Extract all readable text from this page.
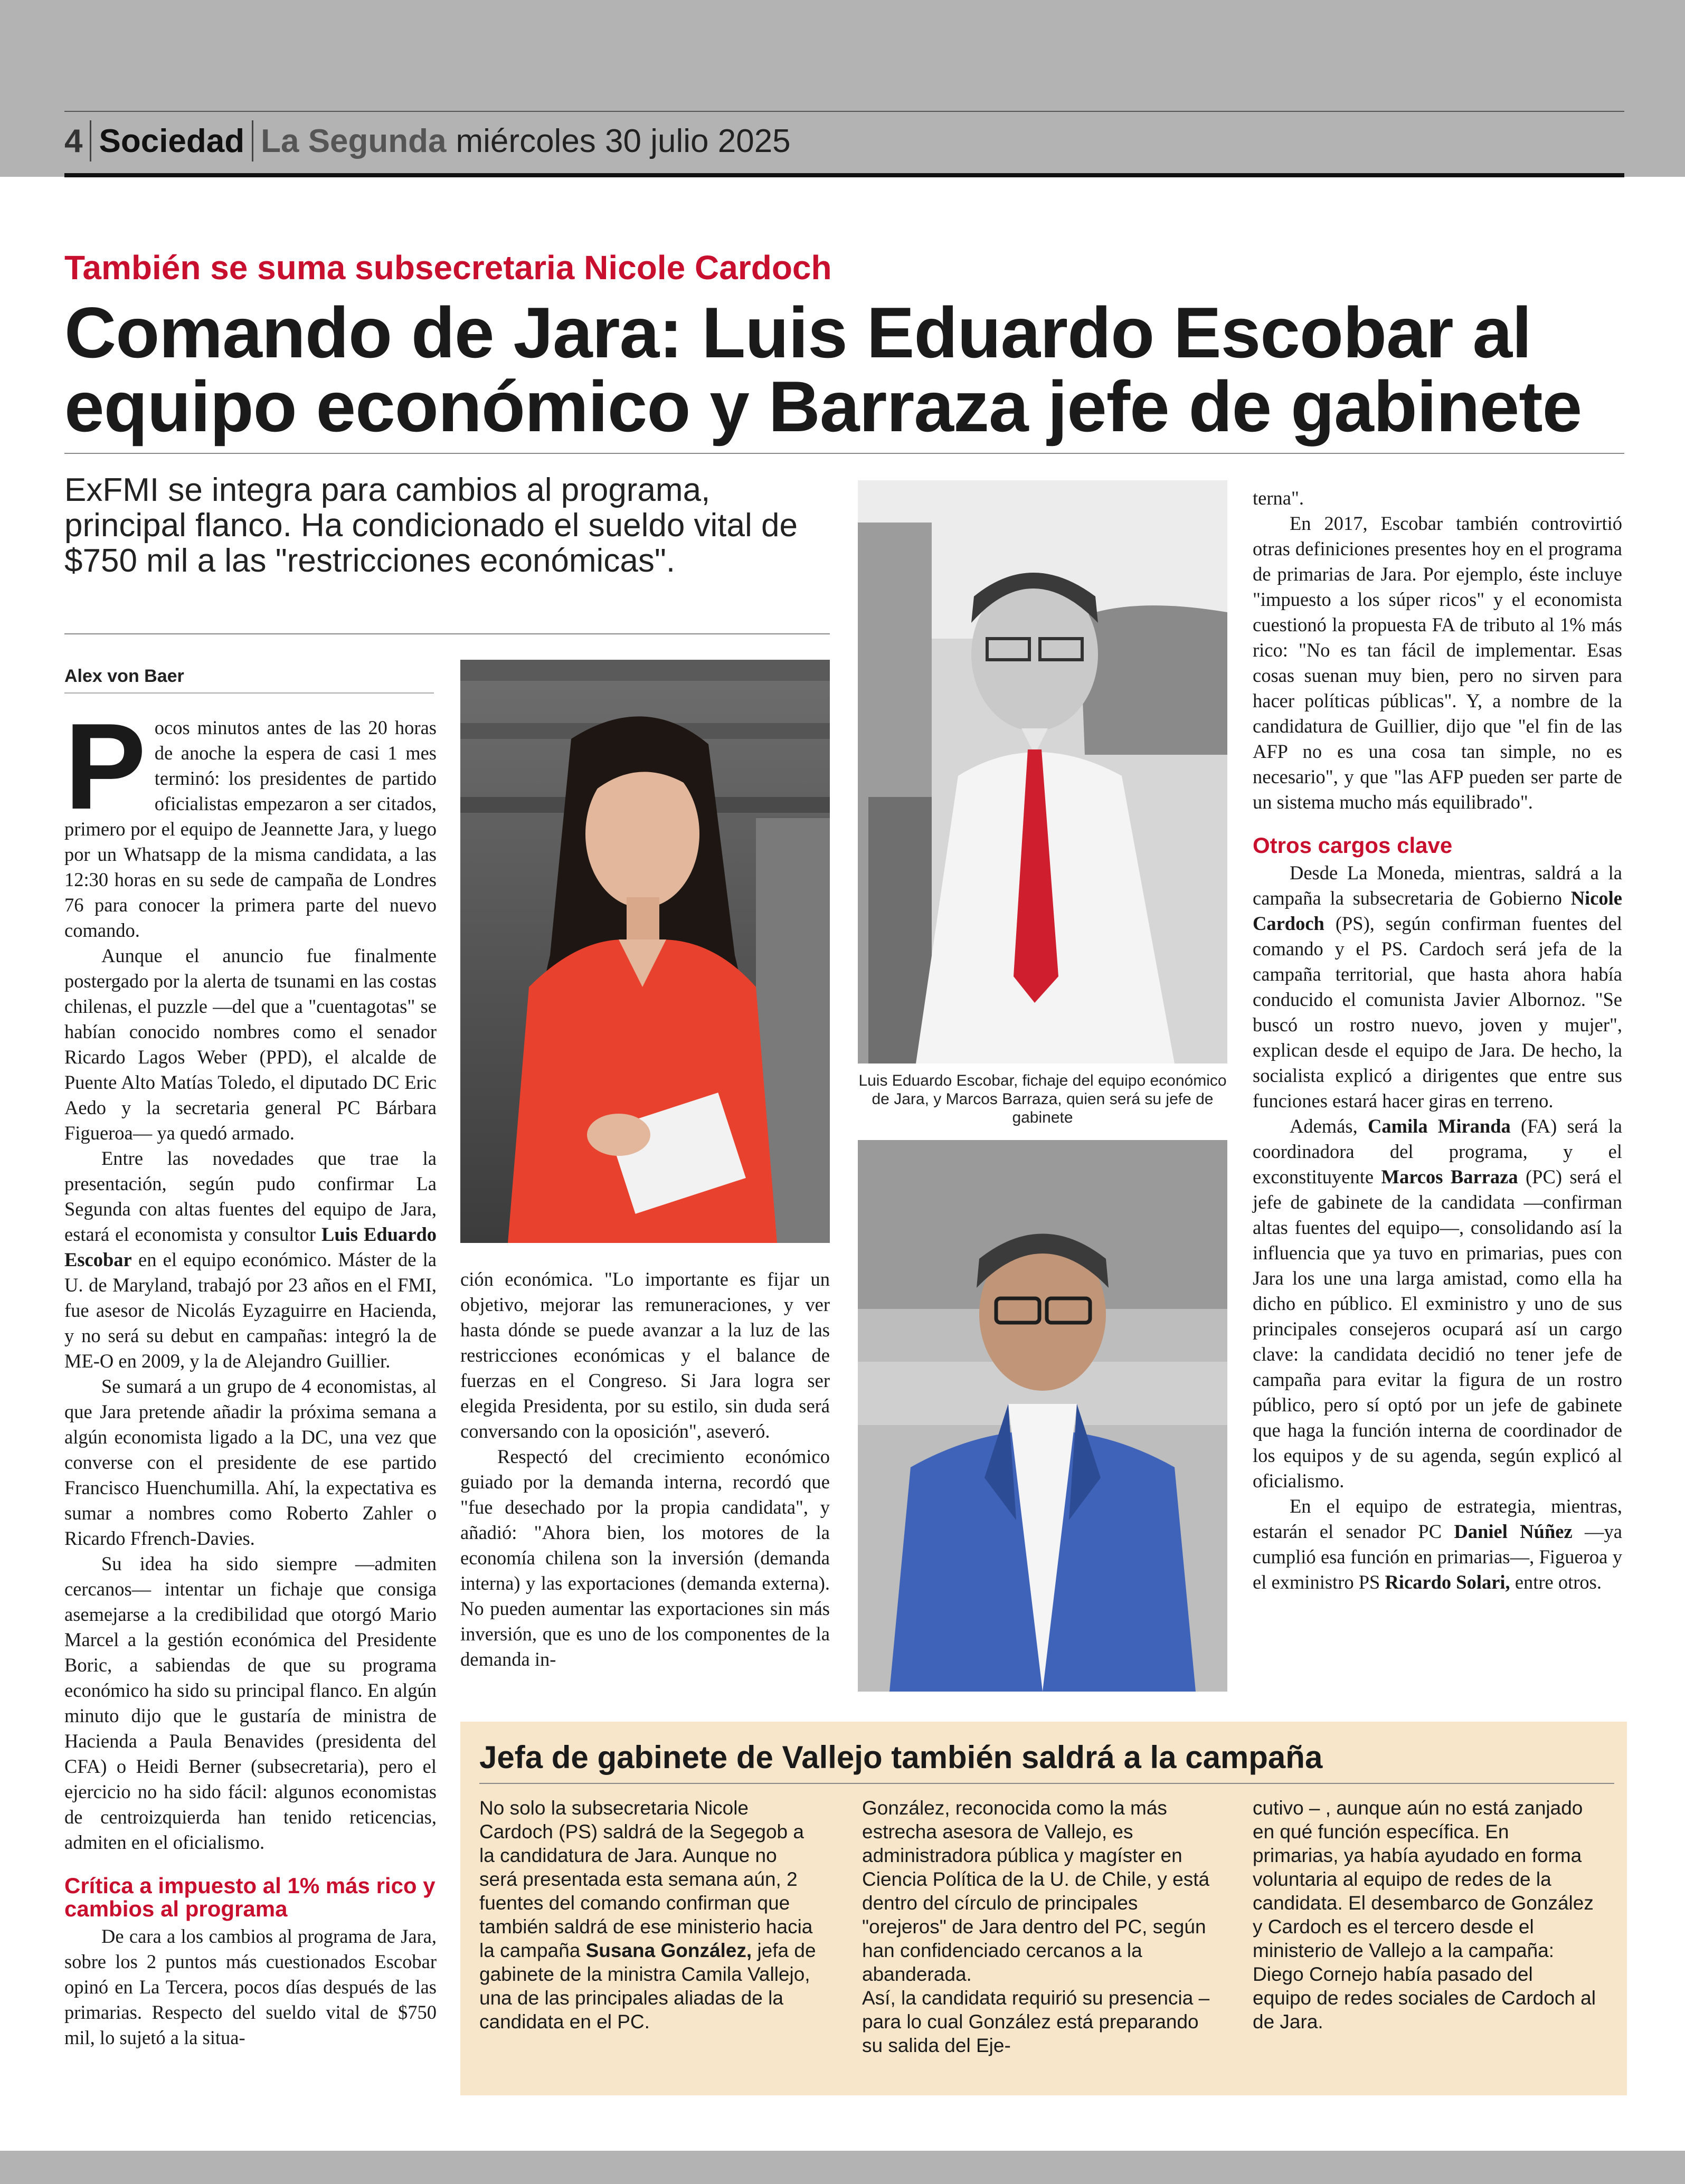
4 Sociedad La Segunda miércoles 30 julio 2025
También se suma subsecretaria Nicole Cardoch
Comando de Jara: Luis Eduardo Escobar al equipo económico y Barraza jefe de gabinete
ExFMI se integra para cambios al programa, principal flanco. Ha condicionado el sueldo vital de $750 mil a las "restricciones económicas".
Alex von Baer

Pocos minutos antes de las 20 horas de anoche la espera de casi 1 mes terminó: los presidentes de partido oficialistas empezaron a ser citados, primero por el equipo de Jeannette Jara, y luego por un Whatsapp de la misma candidata, a las 12:30 horas en su sede de campaña de Londres 76 para conocer la primera parte del nuevo comando.

Aunque el anuncio fue finalmente postergado por la alerta de tsunami en las costas chilenas, el puzzle —del que a "cuentagotas" se habían conocido nombres como el senador Ricardo Lagos Weber (PPD), el alcalde de Puente Alto Matías Toledo, el diputado DC Eric Aedo y la secretaria general PC Bárbara Figueroa— ya quedó armado.

Entre las novedades que trae la presentación, según pudo confirmar La Segunda con altas fuentes del equipo de Jara, estará el economista y consultor Luis Eduardo Escobar en el equipo económico. Máster de la U. de Maryland, trabajó por 23 años en el FMI, fue asesor de Nicolás Eyzaguirre en Hacienda, y no será su debut en campañas: integró la de ME-O en 2009, y la de Alejandro Guillier.

Se sumará a un grupo de 4 economistas, al que Jara pretende añadir la próxima semana a algún economista ligado a la DC, una vez que converse con el presidente de ese partido Francisco Huenchumilla. Ahí, la expectativa es sumar a nombres como Roberto Zahler o Ricardo Ffrench-Davies.

Su idea ha sido siempre —admiten cercanos— intentar un fichaje que consiga asemejarse a la credibilidad que otorgó Mario Marcel a la gestión económica del Presidente Boric, a sabiendas de que su programa económico ha sido su principal flanco. En algún minuto dijo que le gustaría de ministra de Hacienda a Paula Benavides (presidenta del CFA) o Heidi Berner (subsecretaria), pero el ejercicio no ha sido fácil: algunos economistas de centroizquierda han tenido reticencias, admiten en el oficialismo.

Crítica a impuesto al 1% más rico y cambios al programa

De cara a los cambios al programa de Jara, sobre los 2 puntos más cuestionados Escobar opinó en La Tercera, pocos días después de las primarias. Respecto del sueldo vital de $750 mil, lo sujetó a la situa-

ción económica. "Lo importante es fijar un objetivo, mejorar las remuneraciones, y ver hasta dónde se puede avanzar a la luz de las restricciones económicas y el balance de fuerzas en el Congreso. Si Jara logra ser elegida Presidenta, por su estilo, sin duda será conversando con la oposición", aseveró.

Respectó del crecimiento económico guiado por la demanda interna, recordó que "fue desechado por la propia candidata", y añadió: "Ahora bien, los motores de la economía chilena son la inversión (demanda interna) y las exportaciones (demanda externa). No pueden aumentar las exportaciones sin más inversión, que es uno de los componentes de la demanda in-

Luis Eduardo Escobar, fichaje del equipo económico de Jara, y Marcos Barraza, quien será su jefe de gabinete

terna".

En 2017, Escobar también controvirtió otras definiciones presentes hoy en el programa de primarias de Jara. Por ejemplo, éste incluye "impuesto a los súper ricos" y el economista cuestionó la propuesta FA de tributo al 1% más rico: "No es tan fácil de implementar. Esas cosas suenan muy bien, pero no sirven para hacer políticas públicas". Y, a nombre de la candidatura de Guillier, dijo que "el fin de las AFP no es una cosa tan simple, no es necesario", y que "las AFP pueden ser parte de un sistema mucho más equilibrado".

Otros cargos clave

Desde La Moneda, mientras, saldrá a la campaña la subsecretaria de Gobierno Nicole Cardoch (PS), según confirman fuentes del comando y el PS. Cardoch será jefa de la campaña territorial, que hasta ahora había conducido el comunista Javier Albornoz. "Se buscó un rostro nuevo, joven y mujer", explican desde el equipo de Jara. De hecho, la socialista explicó a dirigentes que entre sus funciones estará hacer giras en terreno.

Además, Camila Miranda (FA) será la coordinadora del programa, y el exconstituyente Marcos Barraza (PC) será el jefe de gabinete de la candidata —confirman altas fuentes del equipo—, consolidando así la influencia que ya tuvo en primarias, pues con Jara los une una larga amistad, como ella ha dicho en público. El exministro y uno de sus principales consejeros ocupará así un cargo clave: la candidata decidió no tener jefe de campaña para evitar la figura de un rostro público, pero sí optó por un jefe de gabinete que haga la función interna de coordinador de los equipos y de su agenda, según explicó al oficialismo.

En el equipo de estrategia, mientras, estarán el senador PC Daniel Núñez —ya cumplió esa función en primarias—, Figueroa y el exministro PS Ricardo Solari, entre otros.

Jefa de gabinete de Vallejo también saldrá a la campaña

No solo la subsecretaria Nicole Cardoch (PS) saldrá de la Segegob a la candidatura de Jara. Aunque no será presentada esta semana aún, 2 fuentes del comando confirman que también saldrá de ese ministerio hacia la campaña Susana González, jefa de gabinete de la ministra Camila Vallejo, una de las principales aliadas de la candidata en el PC.

González, reconocida como la más estrecha asesora de Vallejo, es administradora pública y magíster en Ciencia Política de la U. de Chile, y está dentro del círculo de principales "orejeros" de Jara dentro del PC, según han confidenciado cercanos a la abanderada.

Así, la candidata requirió su presencia – para lo cual González está preparando su salida del Eje-

cutivo – , aunque aún no está zanjado en qué función específica. En primarias, ya había ayudado en forma voluntaria al equipo de redes de la candidata. El desembarco de González y Cardoch es el tercero desde el ministerio de Vallejo a la campaña: Diego Cornejo había pasado del equipo de redes sociales de Cardoch al de Jara.
